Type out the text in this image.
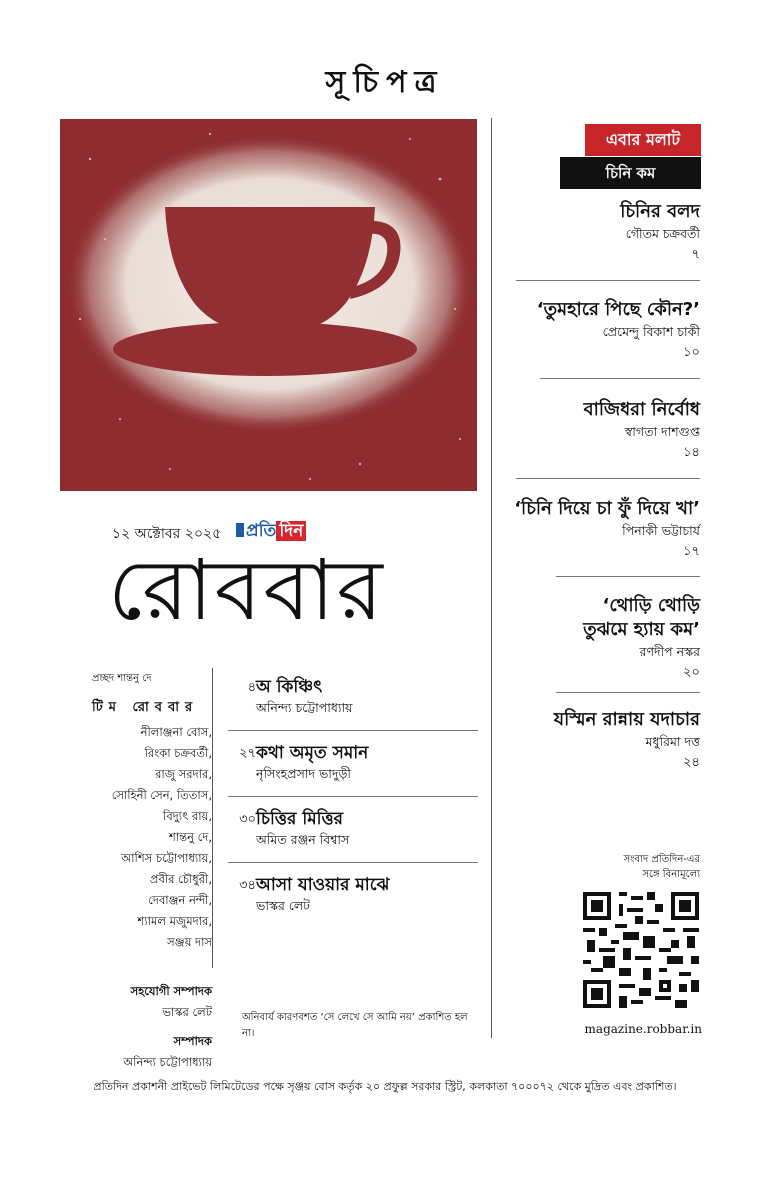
সূচিপত্র
১২ অক্টোবর ২০২৫	প্রতি দিন
রোববার
প্রচ্ছদ শান্তনু দে
টিম রোববার
নীলাঞ্জনা বোস,
রিংকা চক্রবর্তী,
রাজু সরদার,
সোহিনী সেন, তিতাস,
বিদ্যুৎ রায়,
শান্তনু দে,
আশিস চট্টোপাধ্যায়,
প্রবীর চৌধুরী,
দেবাঞ্জন নন্দী,
শ্যামল মজুমদার,
সঞ্জয় দাস
সহযোগী সম্পাদক
ভাস্কর লেট
সম্পাদক
অনিন্দ্য চট্টোপাধ্যায়
৪ অ কিঞ্চিৎ
অনিন্দ্য চট্টোপাধ্যায়
২৭ কথা অমৃত সমান
নৃসিংহপ্রসাদ ভাদুড়ী
৩০ চিত্তির মিত্তির
অমিত রঞ্জন বিশ্বাস
৩৪ আসা যাওয়ার মাঝে
ভাস্কর লেট
অনিবার্য কারণবশত ‘সে লেখে সে আমি নয়’ প্রকাশিত হল না।
চিনি কম
এবার মলাট
চিনির বলদ
গৌতম চক্রবর্তী
৭
‘তুমহারে পিছে কৌন?’
প্রেমেন্দু বিকাশ চাকী
১০
বাজিধরা নির্বোধ
স্বাগতা দাশগুপ্ত
১৪
‘চিনি দিয়ে চা ফুঁ দিয়ে খা’
পিনাকী ভট্টাচার্য
১৭
‘থোড়ি থোড়ি
তুঝমে হ্যায় কম’
রণদীপ নস্কর
২০
যস্মিন রান্নায় যদাচার
মধুরিমা দত্ত
২৪
সংবাদ প্রতিদিন-এর
সঙ্গে বিনামূল্যে
magazine.robbar.in
প্রতিদিন প্রকাশনী প্রাইভেট লিমিটেডের পক্ষে সৃঞ্জয় বোস কর্তৃক ২০ প্রফুল্ল সরকার স্ট্রিট, কলকাতা ৭০০০৭২ থেকে মুদ্রিত এবং প্রকাশিত।
